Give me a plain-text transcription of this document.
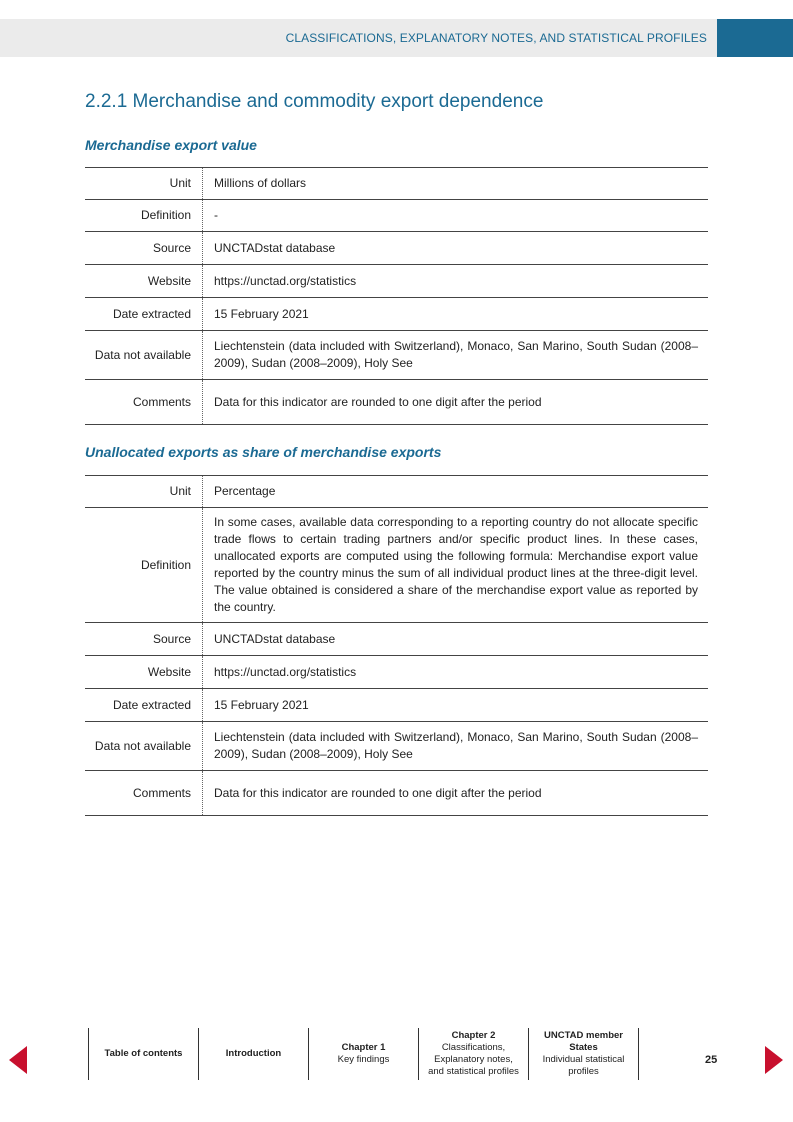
CLASSIFICATIONS, EXPLANATORY NOTES, AND STATISTICAL PROFILES
2.2.1 Merchandise and commodity export dependence
Merchandise export value
Unit	Millions of dollars
Definition	-
Source	UNCTADstat database
Website	https://unctad.org/statistics
Date extracted	15 February 2021
Data not available	Liechtenstein (data included with Switzerland), Monaco, San Marino, South Sudan (2008–2009), Sudan (2008–2009), Holy See
Comments	Data for this indicator are rounded to one digit after the period
Unallocated exports as share of merchandise exports
Unit	Percentage
Definition	In some cases, available data corresponding to a reporting country do not allocate specific trade flows to certain trading partners and/or specific product lines. In these cases, unallocated exports are computed using the following formula: Merchandise export value reported by the country minus the sum of all individual product lines at the three-digit level. The value obtained is considered a share of the merchandise export value as reported by the country.
Source	UNCTADstat database
Website	https://unctad.org/statistics
Date extracted	15 February 2021
Data not available	Liechtenstein (data included with Switzerland), Monaco, San Marino, South Sudan (2008–2009), Sudan (2008–2009), Holy See
Comments	Data for this indicator are rounded to one digit after the period
Table of contents	Introduction
Chapter 1
Key findings
Chapter 2
Classifications, Explanatory notes, and statistical profiles
UNCTAD member States
Individual statistical profiles
25
